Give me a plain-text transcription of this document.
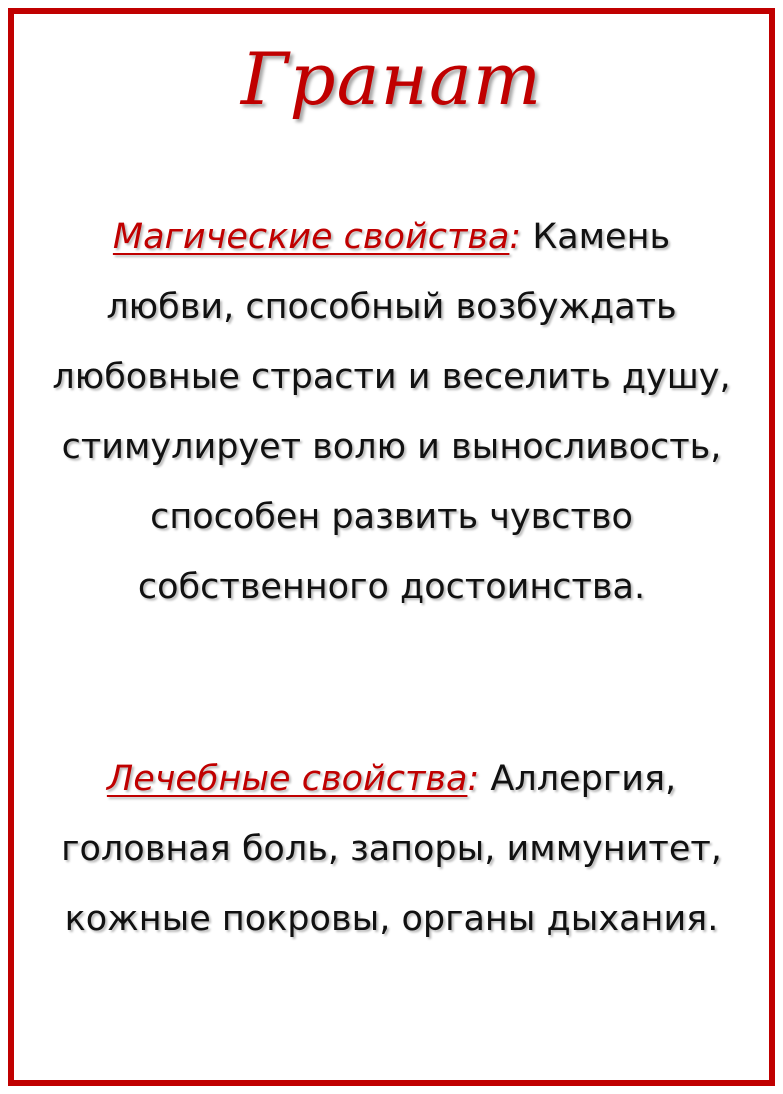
Гранат
Магические свойства: Камень любви, способный возбуждать любовные страсти и веселить душу, стимулирует волю и выносливость, способен развить чувство собственного достоинства.
Лечебные свойства: Аллергия, головная боль, запоры, иммунитет, кожные покровы, органы дыхания.
